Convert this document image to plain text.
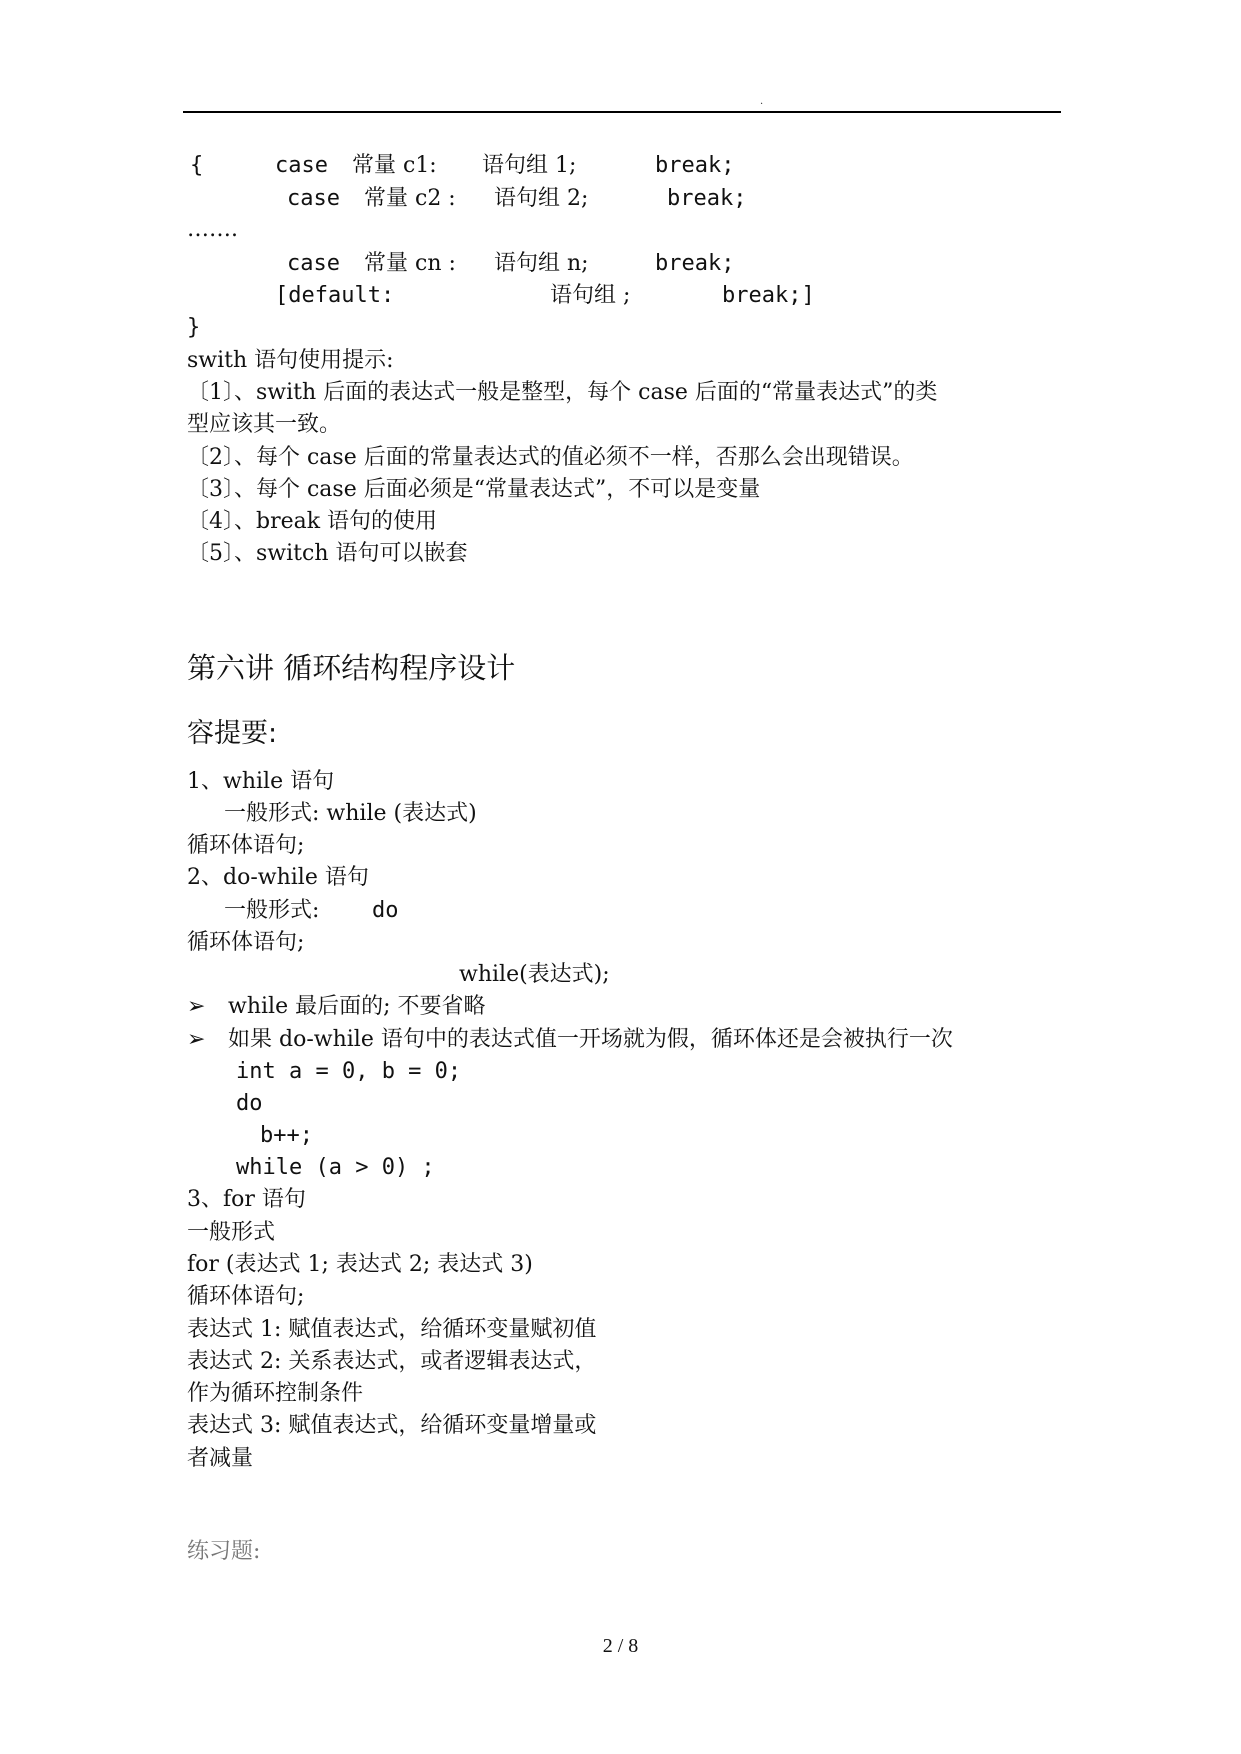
.
{	case 常量 c1: 语句组 1;	break;
case 常量 c2 : 语句组 2;	break;
…….
case 常量 cn : 语句组 n;	break;
[default:	语句组 ;	break;]
}
swith 语句使用提示:
〔1〕、swith 后面的表达式一般是整型，每个 case 后面的“常量表达式”的类
型应该其一致。
〔2〕、每个 case 后面的常量表达式的值必须不一样，否那么会出现错误。
〔3〕、每个 case 后面必须是“常量表达式”，不可以是变量
〔4〕、break 语句的使用
〔5〕、switch 语句可以嵌套
第六讲 循环结构程序设计
容提要:
1、while 语句
一般形式: while (表达式)
循环体语句;
2、do-while 语句
一般形式: do
循环体语句;
while(表达式);
➢ while 最后面的; 不要省略
➢ 如果 do-while 语句中的表达式值一开场就为假，循环体还是会被执行一次
int a = 0, b = 0;
do
b++;
while (a > 0) ;
3、for 语句
一般形式
for (表达式 1; 表达式 2; 表达式 3)
循环体语句;
表达式 1: 赋值表达式，给循环变量赋初值
表达式 2: 关系表达式，或者逻辑表达式，
作为循环控制条件
表达式 3: 赋值表达式，给循环变量增量或
者减量
练习题:
2 / 8
